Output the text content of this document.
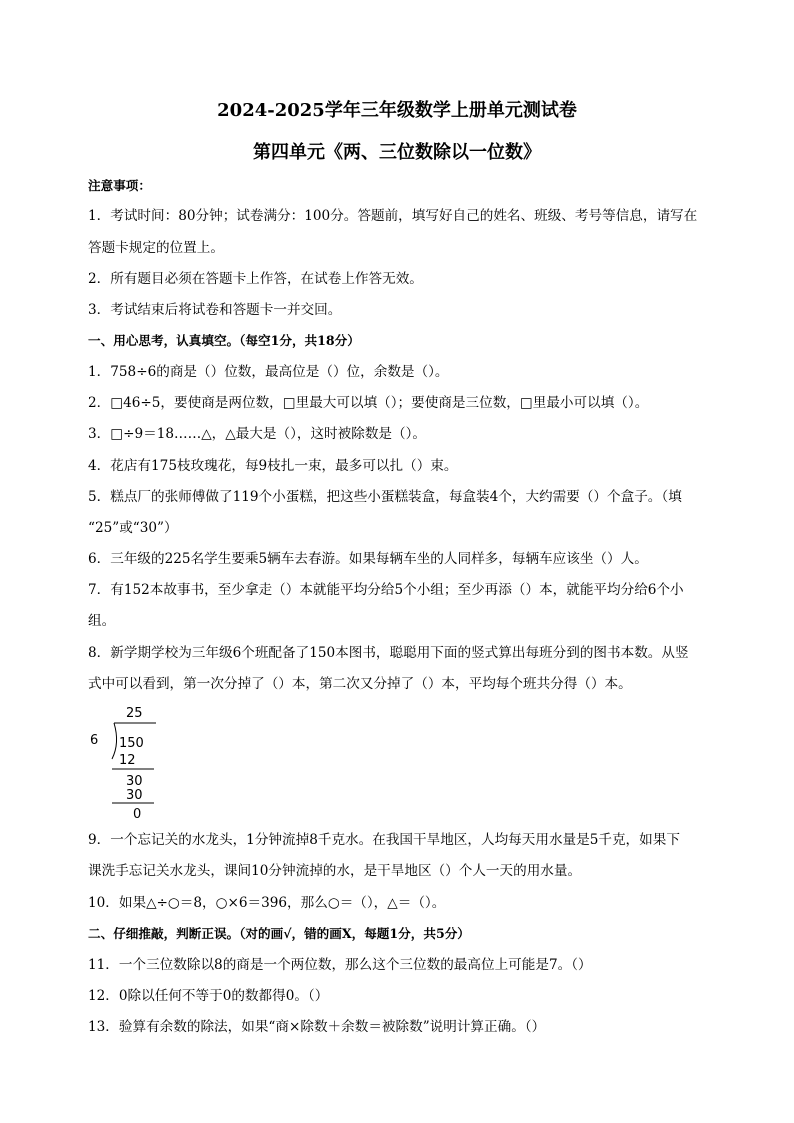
2024-2025学年三年级数学上册单元测试卷
第四单元《两、三位数除以一位数》
注意事项：
1．考试时间：80分钟；试卷满分：100分。答题前，填写好自己的姓名、班级、考号等信息，请写在
答题卡规定的位置上。
2．所有题目必须在答题卡上作答，在试卷上作答无效。
3．考试结束后将试卷和答题卡一并交回。
一、用心思考，认真填空。（每空1分，共18分）
1．758÷6的商是（）位数，最高位是（）位，余数是（）。
2．□46÷5，要使商是两位数，□里最大可以填（）；要使商是三位数，□里最小可以填（）。
3．□÷9＝18……△，△最大是（），这时被除数是（）。
4．花店有175枝玫瑰花，每9枝扎一束，最多可以扎（）束。
5．糕点厂的张师傅做了119个小蛋糕，把这些小蛋糕装盒，每盒装4个，大约需要（）个盒子。（填
“25”或“30”）
6．三年级的225名学生要乘5辆车去春游。如果每辆车坐的人同样多，每辆车应该坐（）人。
7．有152本故事书，至少拿走（）本就能平均分给5个小组；至少再添（）本，就能平均分给6个小
组。
8．新学期学校为三年级6个班配备了150本图书，聪聪用下面的竖式算出每班分到的图书本数。从竖
式中可以看到，第一次分掉了（）本，第二次又分掉了（）本，平均每个班共分得（）本。
25
6 150
12
30
30
0
9．一个忘记关的水龙头，1分钟流掉8千克水。在我国干旱地区，人均每天用水量是5千克，如果下
课洗手忘记关水龙头，课间10分钟流掉的水，是干旱地区（）个人一天的用水量。
10．如果△÷○＝8，○×6＝396，那么○＝（），△＝（）。
二、仔细推敲，判断正误。（对的画√，错的画X，每题1分，共5分）
11．一个三位数除以8的商是一个两位数，那么这个三位数的最高位上可能是7。（）
12．0除以任何不等于0的数都得0。（）
13．验算有余数的除法，如果“商×除数＋余数＝被除数”说明计算正确。（）
